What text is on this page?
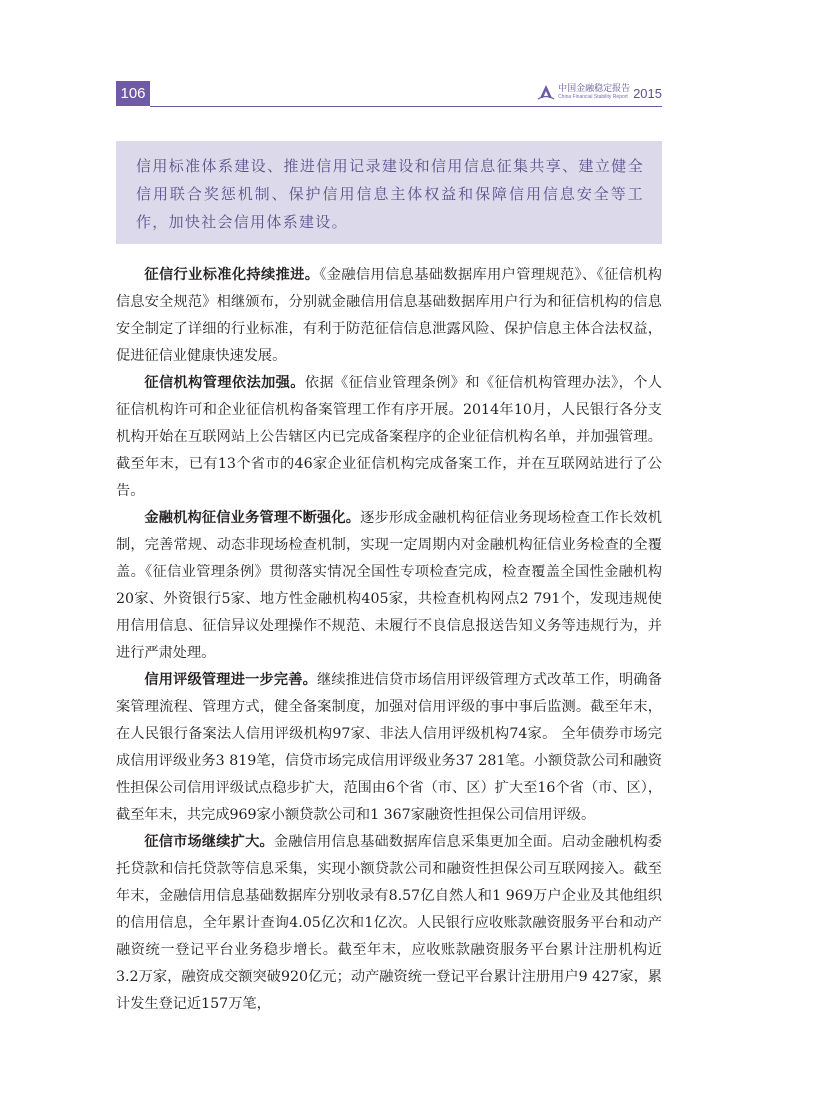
106	中国金融稳定报告
China Financial Stability Report 2015

信用标准体系建设、推进信用记录建设和信用信息征集共享、建立健全信用联合奖惩机制、保护信用信息主体权益和保障信用信息安全等工作，加快社会信用体系建设。

征信行业标准化持续推进。《金融信用信息基础数据库用户管理规范》、《征信机构信息安全规范》相继颁布，分别就金融信用信息基础数据库用户行为和征信机构的信息安全制定了详细的行业标准，有利于防范征信信息泄露风险、保护信息主体合法权益，促进征信业健康快速发展。

征信机构管理依法加强。依据《征信业管理条例》和《征信机构管理办法》，个人征信机构许可和企业征信机构备案管理工作有序开展。2014年10月，人民银行各分支机构开始在互联网站上公告辖区内已完成备案程序的企业征信机构名单，并加强管理。截至年末，已有13个省市的46家企业征信机构完成备案工作，并在互联网站进行了公告。

金融机构征信业务管理不断强化。逐步形成金融机构征信业务现场检查工作长效机制，完善常规、动态非现场检查机制，实现一定周期内对金融机构征信业务检查的全覆盖。《征信业管理条例》贯彻落实情况全国性专项检查完成，检查覆盖全国性金融机构20家、外资银行5家、地方性金融机构405家，共检查机构网点2 791个，发现违规使用信用信息、征信异议处理操作不规范、未履行不良信息报送告知义务等违规行为，并进行严肃处理。

信用评级管理进一步完善。继续推进信贷市场信用评级管理方式改革工作，明确备案管理流程、管理方式，健全备案制度，加强对信用评级的事中事后监测。截至年末，在人民银行备案法人信用评级机构97家、非法人信用评级机构74家。 全年债券市场完成信用评级业务3 819笔，信贷市场完成信用评级业务37 281笔。小额贷款公司和融资性担保公司信用评级试点稳步扩大，范围由6个省（市、区）扩大至16个省（市、区），截至年末，共完成969家小额贷款公司和1 367家融资性担保公司信用评级。

征信市场继续扩大。金融信用信息基础数据库信息采集更加全面。启动金融机构委托贷款和信托贷款等信息采集，实现小额贷款公司和融资性担保公司互联网接入。截至年末，金融信用信息基础数据库分别收录有8.57亿自然人和1 969万户企业及其他组织的信用信息，全年累计查询4.05亿次和1亿次。人民银行应收账款融资服务平台和动产融资统一登记平台业务稳步增长。截至年末，应收账款融资服务平台累计注册机构近3.2万家，融资成交额突破920亿元；动产融资统一登记平台累计注册用户9 427家，累计发生登记近157万笔，
